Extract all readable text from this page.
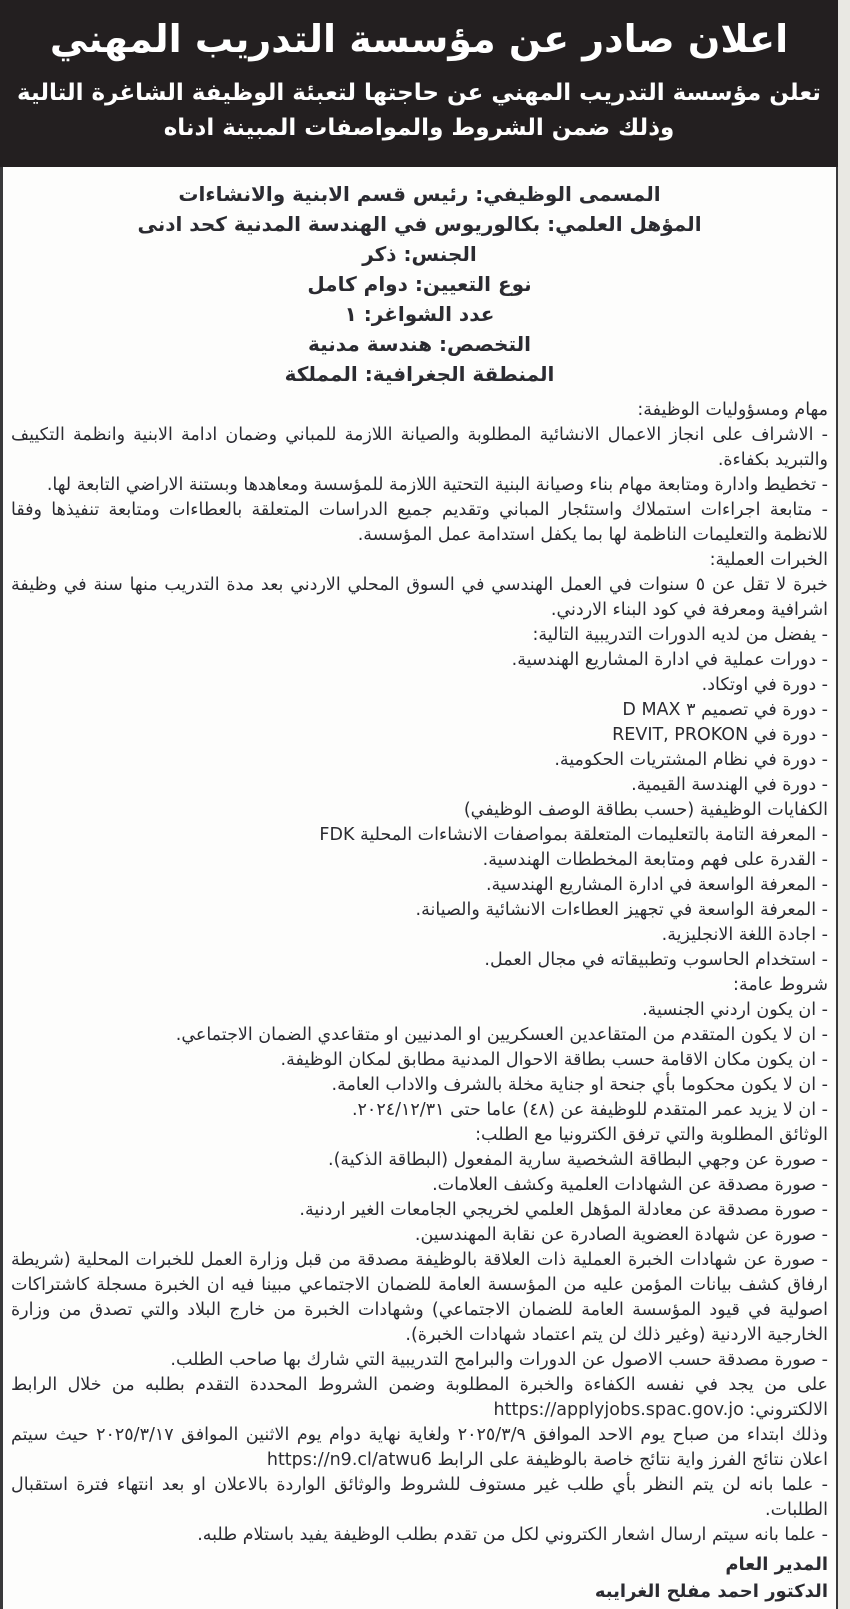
اعلان صادر عن مؤسسة التدريب المهني
تعلن مؤسسة التدريب المهني عن حاجتها لتعبئة الوظيفة الشاغرة التالية
وذلك ضمن الشروط والمواصفات المبينة ادناه
المسمى الوظيفي: رئيس قسم الابنية والانشاءات
المؤهل العلمي: بكالوريوس في الهندسة المدنية كحد ادنى
الجنس: ذكر
نوع التعيين: دوام كامل
عدد الشواغر: ١
التخصص: هندسة مدنية
المنطقة الجغرافية: المملكة

مهام ومسؤوليات الوظيفة:

- الاشراف على انجاز الاعمال الانشائية المطلوبة والصيانة اللازمة للمباني وضمان ادامة الابنية وانظمة التكييف والتبريد بكفاءة.

- تخطيط وادارة ومتابعة مهام بناء وصيانة البنية التحتية اللازمة للمؤسسة ومعاهدها وبستنة الاراضي التابعة لها.

- متابعة اجراءات استملاك واستئجار المباني وتقديم جميع الدراسات المتعلقة بالعطاءات ومتابعة تنفيذها وفقا للانظمة والتعليمات الناظمة لها بما يكفل استدامة عمل المؤسسة.

الخبرات العملية:

خبرة لا تقل عن ٥ سنوات في العمل الهندسي في السوق المحلي الاردني بعد مدة التدريب منها سنة في وظيفة اشرافية ومعرفة في كود البناء الاردني.

- يفضل من لديه الدورات التدريبية التالية:

- دورات عملية في ادارة المشاريع الهندسية.

- دورة في اوتكاد.

- دورة في تصميم ٣ D MAX

- دورة في REVIT, PROKON

- دورة في نظام المشتريات الحكومية.

- دورة في الهندسة القيمية.

الكفايات الوظيفية (حسب بطاقة الوصف الوظيفي)

- المعرفة التامة بالتعليمات المتعلقة بمواصفات الانشاءات المحلية FDK

- القدرة على فهم ومتابعة المخططات الهندسية.

- المعرفة الواسعة في ادارة المشاريع الهندسية.

- المعرفة الواسعة في تجهيز العطاءات الانشائية والصيانة.

- اجادة اللغة الانجليزية.

- استخدام الحاسوب وتطبيقاته في مجال العمل.

شروط عامة:

- ان يكون اردني الجنسية.

- ان لا يكون المتقدم من المتقاعدين العسكريين او المدنيين او متقاعدي الضمان الاجتماعي.

- ان يكون مكان الاقامة حسب بطاقة الاحوال المدنية مطابق لمكان الوظيفة.

- ان لا يكون محكوما بأي جنحة او جناية مخلة بالشرف والاداب العامة.

- ان لا يزيد عمر المتقدم للوظيفة عن (٤٨) عاما حتى ٢٠٢٤/١٢/٣١.

الوثائق المطلوبة والتي ترفق الكترونيا مع الطلب:

- صورة عن وجهي البطاقة الشخصية سارية المفعول (البطاقة الذكية).

- صورة مصدقة عن الشهادات العلمية وكشف العلامات.

- صورة مصدقة عن معادلة المؤهل العلمي لخريجي الجامعات الغير اردنية.

- صورة عن شهادة العضوية الصادرة عن نقابة المهندسين.

- صورة عن شهادات الخبرة العملية ذات العلاقة بالوظيفة مصدقة من قبل وزارة العمل للخبرات المحلية (شريطة ارفاق كشف بيانات المؤمن عليه من المؤسسة العامة للضمان الاجتماعي مبينا فيه ان الخبرة مسجلة كاشتراكات اصولية في قيود المؤسسة العامة للضمان الاجتماعي) وشهادات الخبرة من خارج البلاد والتي تصدق من وزارة الخارجية الاردنية (وغير ذلك لن يتم اعتماد شهادات الخبرة).

- صورة مصدقة حسب الاصول عن الدورات والبرامج التدريبية التي شارك بها صاحب الطلب.

على من يجد في نفسه الكفاءة والخبرة المطلوبة وضمن الشروط المحددة التقدم بطلبه من خلال الرابط الالكتروني: https://applyjobs.spac.gov.jo

وذلك ابتداء من صباح يوم الاحد الموافق ٢٠٢٥/٣/٩ ولغاية نهاية دوام يوم الاثنين الموافق ٢٠٢٥/٣/١٧ حيث سيتم اعلان نتائج الفرز واية نتائج خاصة بالوظيفة على الرابط https://n9.cl/atwu6

- علما بانه لن يتم النظر بأي طلب غير مستوف للشروط والوثائق الواردة بالاعلان او بعد انتهاء فترة استقبال الطلبات.

- علما بانه سيتم ارسال اشعار الكتروني لكل من تقدم بطلب الوظيفة يفيد باستلام طلبه.

المدير العام
الدكتور احمد مفلح الغرايبه
